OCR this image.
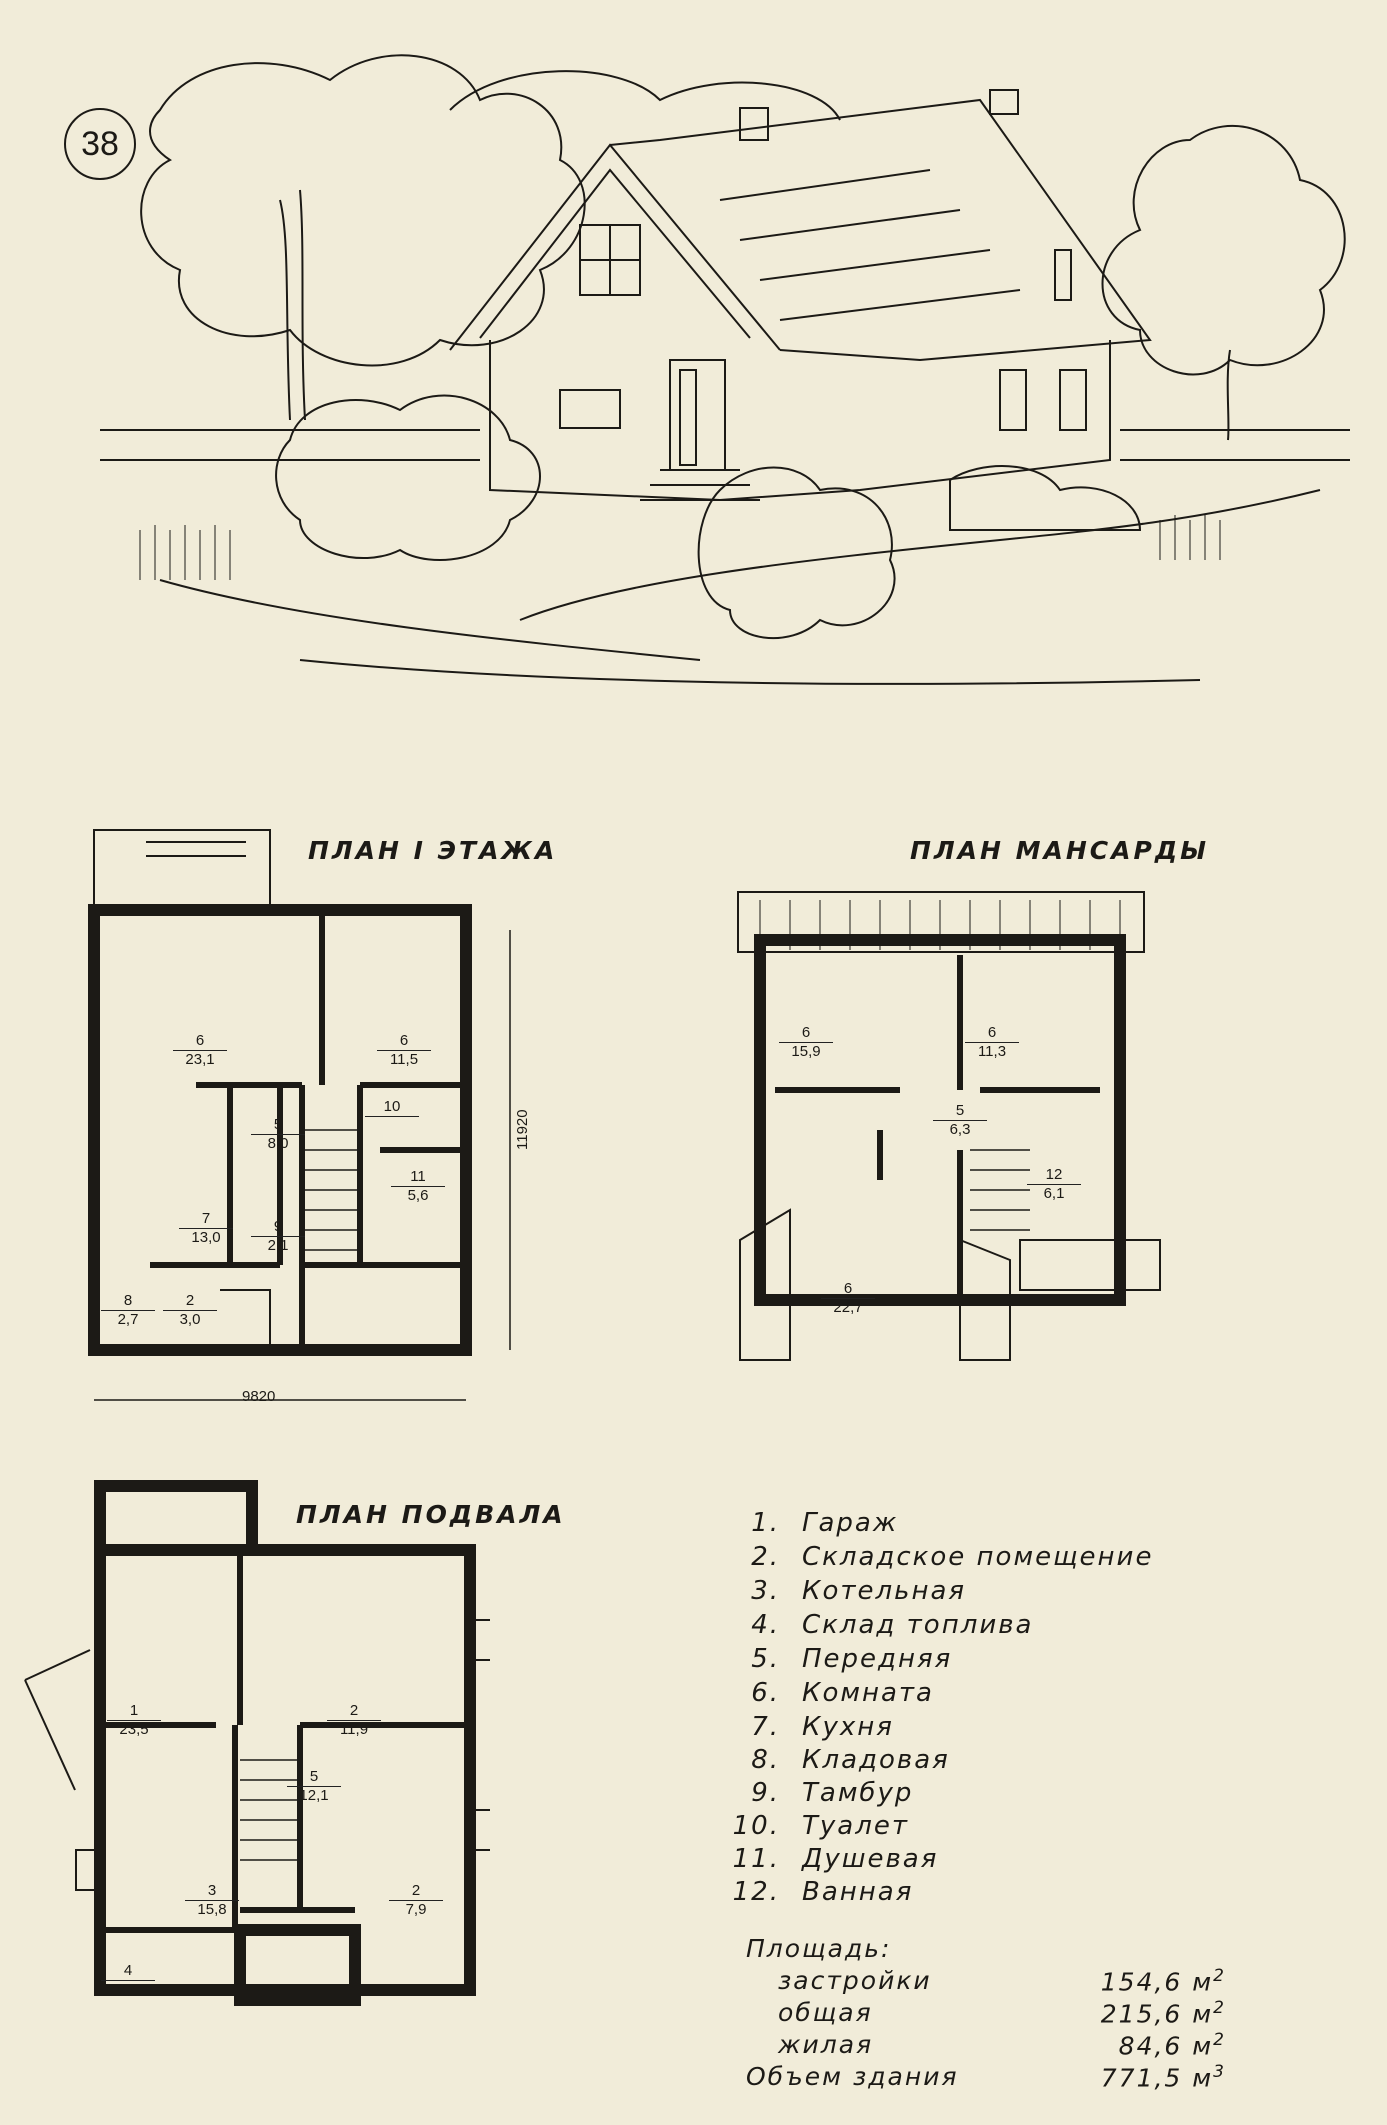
38
ПЛАН I ЭТАЖА	ПЛАН МАНСАРДЫ
ПЛАН ПОДВАЛА
6
23,1
6
11,5
5
8,0
10
11
5,6
7
13,0
9
2,1
8
2,7
2
3,0
9820
11920
6
15,9
6
11,3
5
6,3
12
6,1
6
22,7
1
23,5
2
11,9
5
12,1
3
15,8
2
7,9
4
6,4
1. Гараж
2. Складское помещение
3. Котельная
4. Склад топлива
5. Передняя
6. Комната
7. Кухня
8. Кладовая
9. Тамбур
10. Туалет
11. Душевая
12. Ванная
Площадь:
застройки	154,6 $м^2$
общая	215,6 $м^2$
жилая	84,6 $м^2$
Объем здания	771,5 $м^3$
